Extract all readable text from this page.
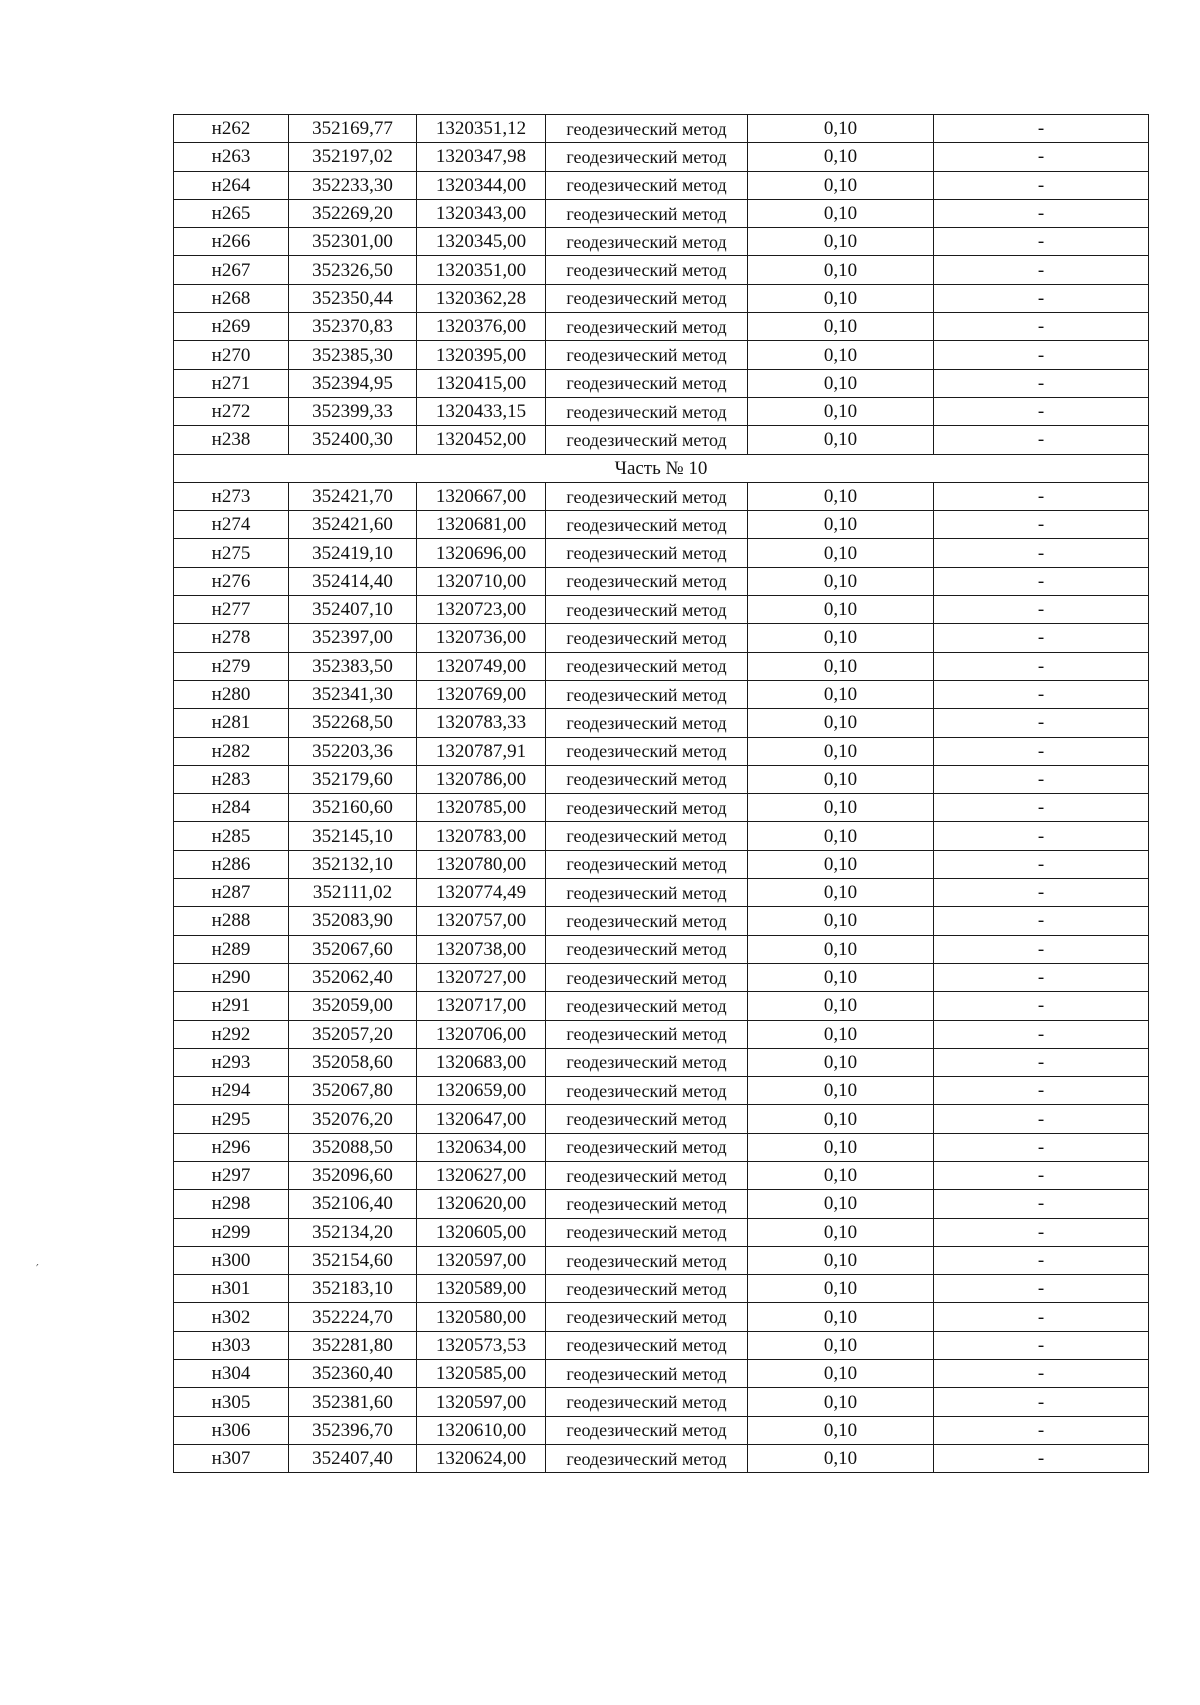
н262	352169,77	1320351,12	геодезический метод	0,10	-
н263	352197,02	1320347,98	геодезический метод	0,10	-
н264	352233,30	1320344,00	геодезический метод	0,10	-
н265	352269,20	1320343,00	геодезический метод	0,10	-
н266	352301,00	1320345,00	геодезический метод	0,10	-
н267	352326,50	1320351,00	геодезический метод	0,10	-
н268	352350,44	1320362,28	геодезический метод	0,10	-
н269	352370,83	1320376,00	геодезический метод	0,10	-
н270	352385,30	1320395,00	геодезический метод	0,10	-
н271	352394,95	1320415,00	геодезический метод	0,10	-
н272	352399,33	1320433,15	геодезический метод	0,10	-
н238	352400,30	1320452,00	геодезический метод	0,10	-
Часть № 10					
н273	352421,70	1320667,00	геодезический метод	0,10	-
н274	352421,60	1320681,00	геодезический метод	0,10	-
н275	352419,10	1320696,00	геодезический метод	0,10	-
н276	352414,40	1320710,00	геодезический метод	0,10	-
н277	352407,10	1320723,00	геодезический метод	0,10	-
н278	352397,00	1320736,00	геодезический метод	0,10	-
н279	352383,50	1320749,00	геодезический метод	0,10	-
н280	352341,30	1320769,00	геодезический метод	0,10	-
н281	352268,50	1320783,33	геодезический метод	0,10	-
н282	352203,36	1320787,91	геодезический метод	0,10	-
н283	352179,60	1320786,00	геодезический метод	0,10	-
н284	352160,60	1320785,00	геодезический метод	0,10	-
н285	352145,10	1320783,00	геодезический метод	0,10	-
н286	352132,10	1320780,00	геодезический метод	0,10	-
н287	352111,02	1320774,49	геодезический метод	0,10	-
н288	352083,90	1320757,00	геодезический метод	0,10	-
н289	352067,60	1320738,00	геодезический метод	0,10	-
н290	352062,40	1320727,00	геодезический метод	0,10	-
н291	352059,00	1320717,00	геодезический метод	0,10	-
н292	352057,20	1320706,00	геодезический метод	0,10	-
н293	352058,60	1320683,00	геодезический метод	0,10	-
н294	352067,80	1320659,00	геодезический метод	0,10	-
н295	352076,20	1320647,00	геодезический метод	0,10	-
н296	352088,50	1320634,00	геодезический метод	0,10	-
н297	352096,60	1320627,00	геодезический метод	0,10	-
н298	352106,40	1320620,00	геодезический метод	0,10	-
н299	352134,20	1320605,00	геодезический метод	0,10	-
н300	352154,60	1320597,00	геодезический метод	0,10	-
н301	352183,10	1320589,00	геодезический метод	0,10	-
н302	352224,70	1320580,00	геодезический метод	0,10	-
н303	352281,80	1320573,53	геодезический метод	0,10	-
н304	352360,40	1320585,00	геодезический метод	0,10	-
н305	352381,60	1320597,00	геодезический метод	0,10	-
н306	352396,70	1320610,00	геодезический метод	0,10	-
н307	352407,40	1320624,00	геодезический метод	0,10	-
′
